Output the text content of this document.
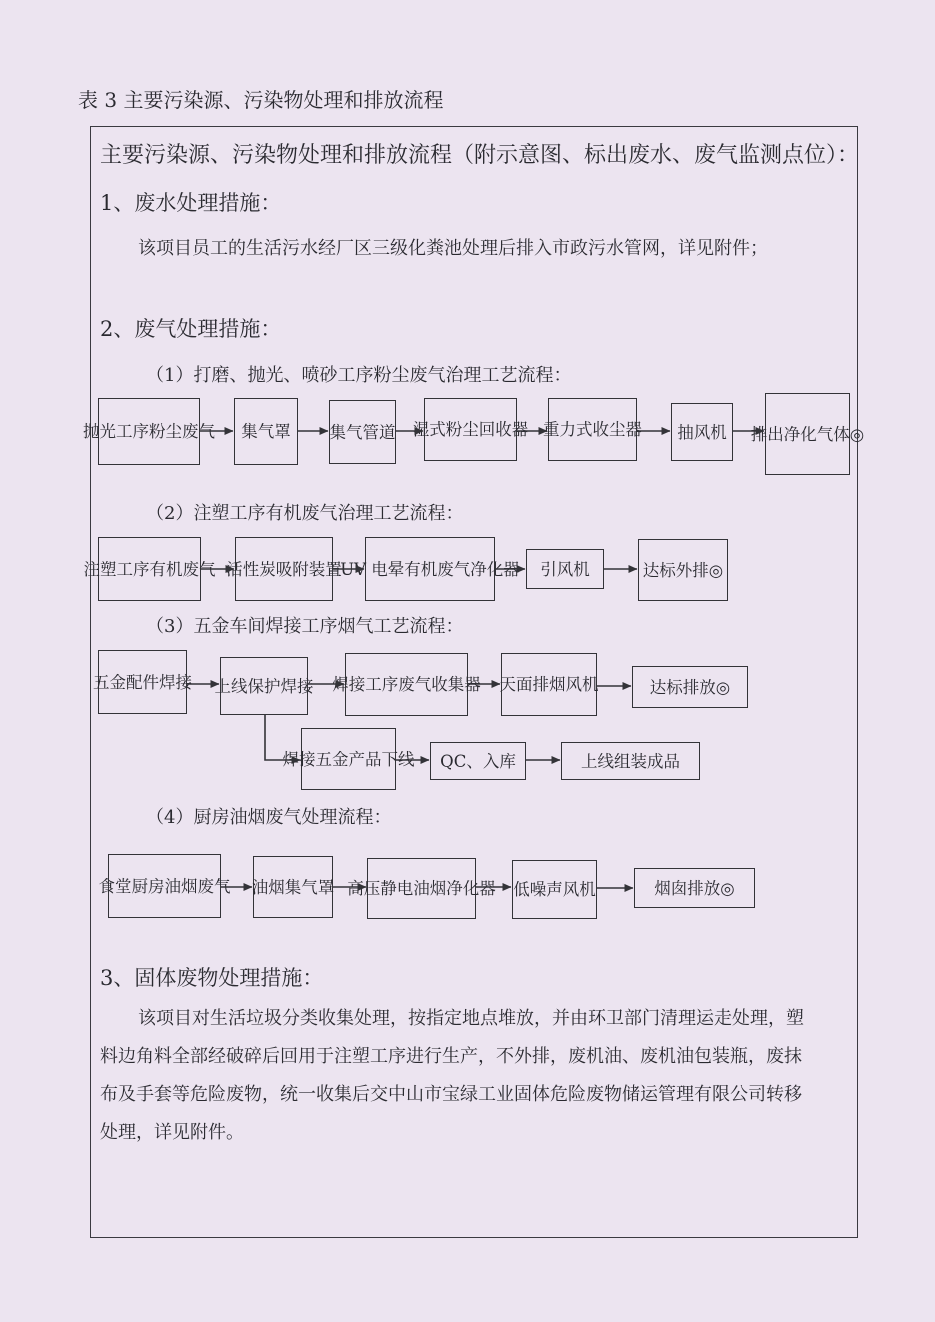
表 3 主要污染源、污染物处理和排放流程
主要污染源、污染物处理和排放流程（附示意图、标出废水、废气监测点位）：
1、废水处理措施：
该项目员工的生活污水经厂区三级化粪池处理后排入市政污水管网，详见附件；
2、废气处理措施：
（1）打磨、抛光、喷砂工序粉尘废气治理工艺流程：
抛光工序 粉尘废气 集气 罩 集气 管道 湿式粉尘 回收器 重力式 收尘器 抽风 机 排出净 化气体 ◎
（2）注塑工序有机废气治理工艺流程：
注塑工序 有机废气 活性炭吸 附装置
UV 电晕有机 废气净化器 引风机	达标外 排◎
（3）五金车间焊接工序烟气工艺流程：
五金配 件焊接 上线保 护焊接 焊接工序废 气收集器 天面排烟 风机	达标排放◎
焊接五金 产品下线 QC、入库	上线组装成品
（4）厨房油烟废气处理流程：
食堂厨房油 烟废气 油烟集 气罩 高压静电油 烟净化器 低噪声 风机	烟囱排放◎
3、固体废物处理措施：
该项目对生活垃圾分类收集处理，按指定地点堆放，并由环卫部门清理运走处理，塑
料边角料全部经破碎后回用于注塑工序进行生产，不外排，废机油、废机油包装瓶，废抹
布及手套等危险废物，统一收集后交中山市宝绿工业固体危险废物储运管理有限公司转移
处理，详见附件。
